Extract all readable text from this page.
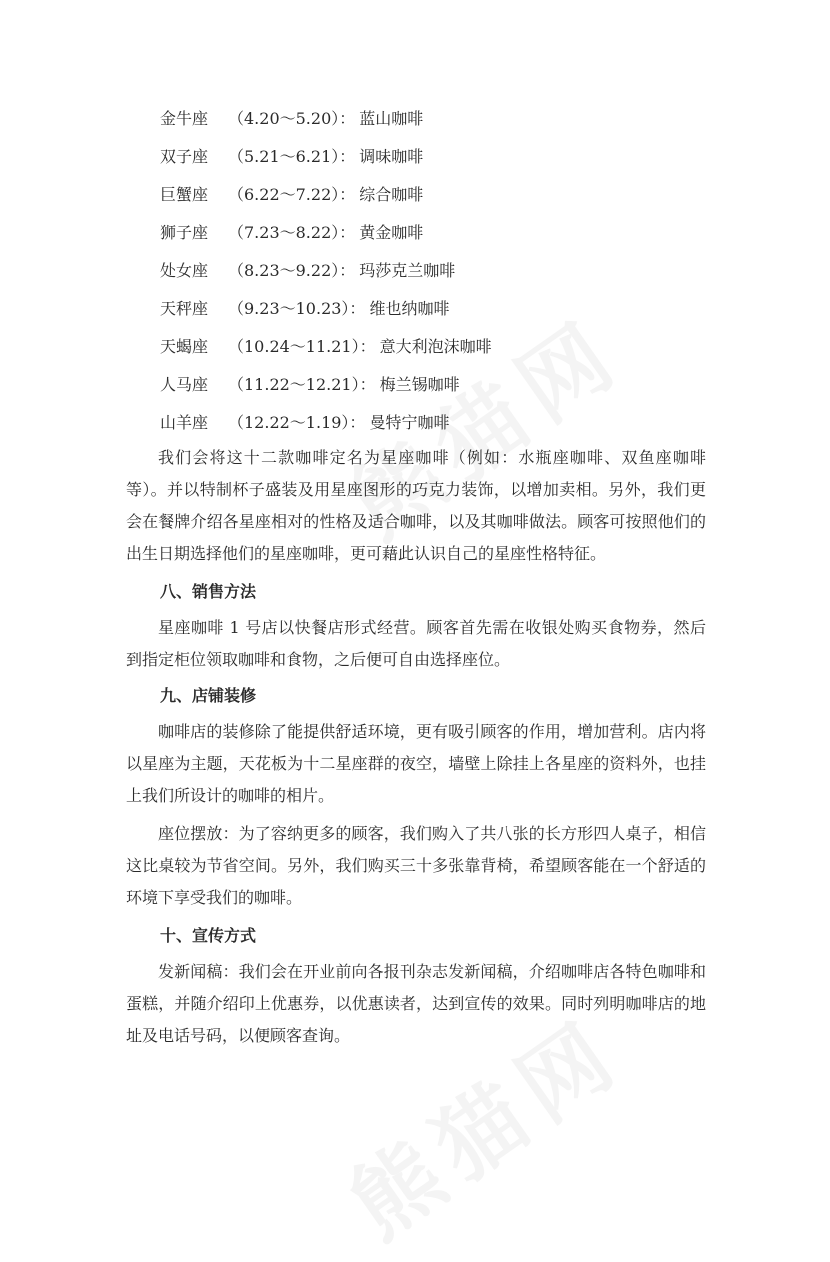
金牛座 （4.20～5.20）： 蓝山咖啡
双子座 （5.21～6.21）： 调味咖啡
巨蟹座 （6.22～7.22）： 综合咖啡
狮子座 （7.23～8.22）： 黄金咖啡
处女座 （8.23～9.22）： 玛莎克兰咖啡
天秤座 （9.23～10.23）： 维也纳咖啡
天蝎座 （10.24～11.21）： 意大利泡沫咖啡
人马座 （11.22～12.21）： 梅兰锡咖啡
山羊座 （12.22～1.19）： 曼特宁咖啡

我们会将这十二款咖啡定名为星座咖啡（例如：水瓶座咖啡、双鱼座咖啡等）。并以特制杯子盛装及用星座图形的巧克力装饰，以增加卖相。另外，我们更会在餐牌介绍各星座相对的性格及适合咖啡，以及其咖啡做法。顾客可按照他们的出生日期选择他们的星座咖啡，更可藉此认识自己的星座性格特征。

八、销售方法

星座咖啡 1 号店以快餐店形式经营。顾客首先需在收银处购买食物券，然后到指定柜位领取咖啡和食物，之后便可自由选择座位。

九、店铺装修

咖啡店的装修除了能提供舒适环境，更有吸引顾客的作用，增加营利。店内将以星座为主题，天花板为十二星座群的夜空，墙壁上除挂上各星座的资料外，也挂上我们所设计的咖啡的相片。

座位摆放：为了容纳更多的顾客，我们购入了共八张的长方形四人桌子，相信这比桌较为节省空间。另外，我们购买三十多张靠背椅，希望顾客能在一个舒适的环境下享受我们的咖啡。

十、宣传方式

发新闻稿：我们会在开业前向各报刊杂志发新闻稿，介绍咖啡店各特色咖啡和蛋糕，并随介绍印上优惠券，以优惠读者，达到宣传的效果。同时列明咖啡店的地址及电话号码，以便顾客查询。
